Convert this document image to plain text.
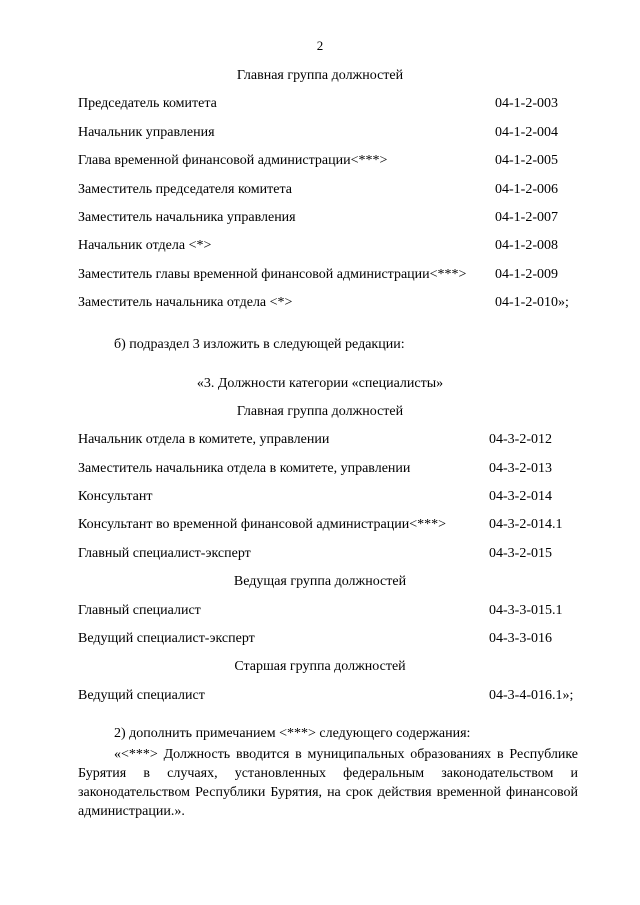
2
Главная группа должностей
Председатель комитета	04-1-2-003
Начальник управления	04-1-2-004
Глава временной финансовой администрации<***>	04-1-2-005
Заместитель председателя комитета	04-1-2-006
Заместитель начальника управления	04-1-2-007
Начальник отдела <*>	04-1-2-008
Заместитель главы временной финансовой администрации<***> 04-1-2-009
Заместитель начальника отдела <*>	04-1-2-010»;
б) подраздел 3 изложить в следующей редакции:
«3. Должности категории «специалисты»
Главная группа должностей
Начальник отдела в комитете, управлении	04-3-2-012
Заместитель начальника отдела в комитете, управлении	04-3-2-013
Консультант	04-3-2-014
Консультант во временной финансовой администрации<***>	04-3-2-014.1
Главный специалист-эксперт	04-3-2-015
Ведущая группа должностей
Главный специалист	04-3-3-015.1
Ведущий специалист-эксперт	04-3-3-016
Старшая группа должностей
Ведущий специалист	04-3-4-016.1»;
2) дополнить примечанием <***> следующего содержания:
«<***> Должность вводится в муниципальных образованиях в Республике Бурятия в случаях, установленных федеральным законодательством и законодательством Республики Бурятия, на срок действия временной финансовой администрации.».
